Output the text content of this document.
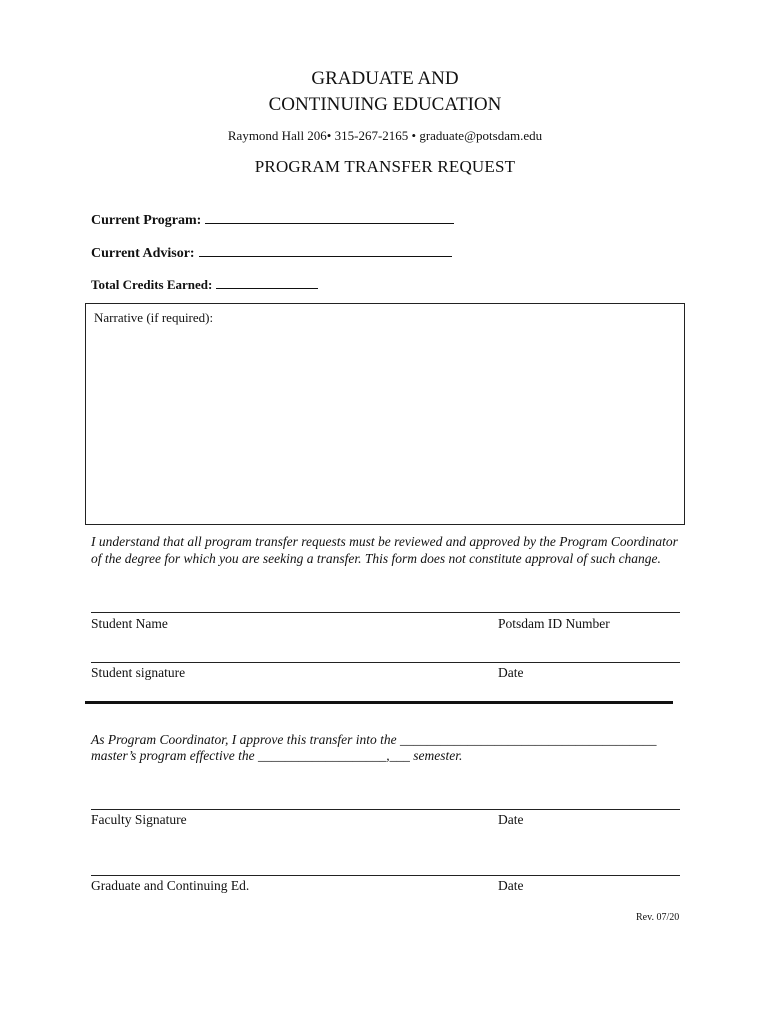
GRADUATE AND
CONTINUING EDUCATION
Raymond Hall 206• 315-267-2165 • graduate@potsdam.edu
PROGRAM TRANSFER REQUEST
Current Program:
Current Advisor:
Total Credits Earned:
Narrative (if required):
I understand that all program transfer requests must be reviewed and approved by the Program Coordinator of the degree for which you are seeking a transfer. This form does not constitute approval of such change.
Student Name	Potsdam ID Number
Student signature	Date
As Program Coordinator, I approve this transfer into the ______________________________________
master’s program effective the ___________________,___ semester.
Faculty Signature	Date
Graduate and Continuing Ed.	Date
Rev. 07/20
